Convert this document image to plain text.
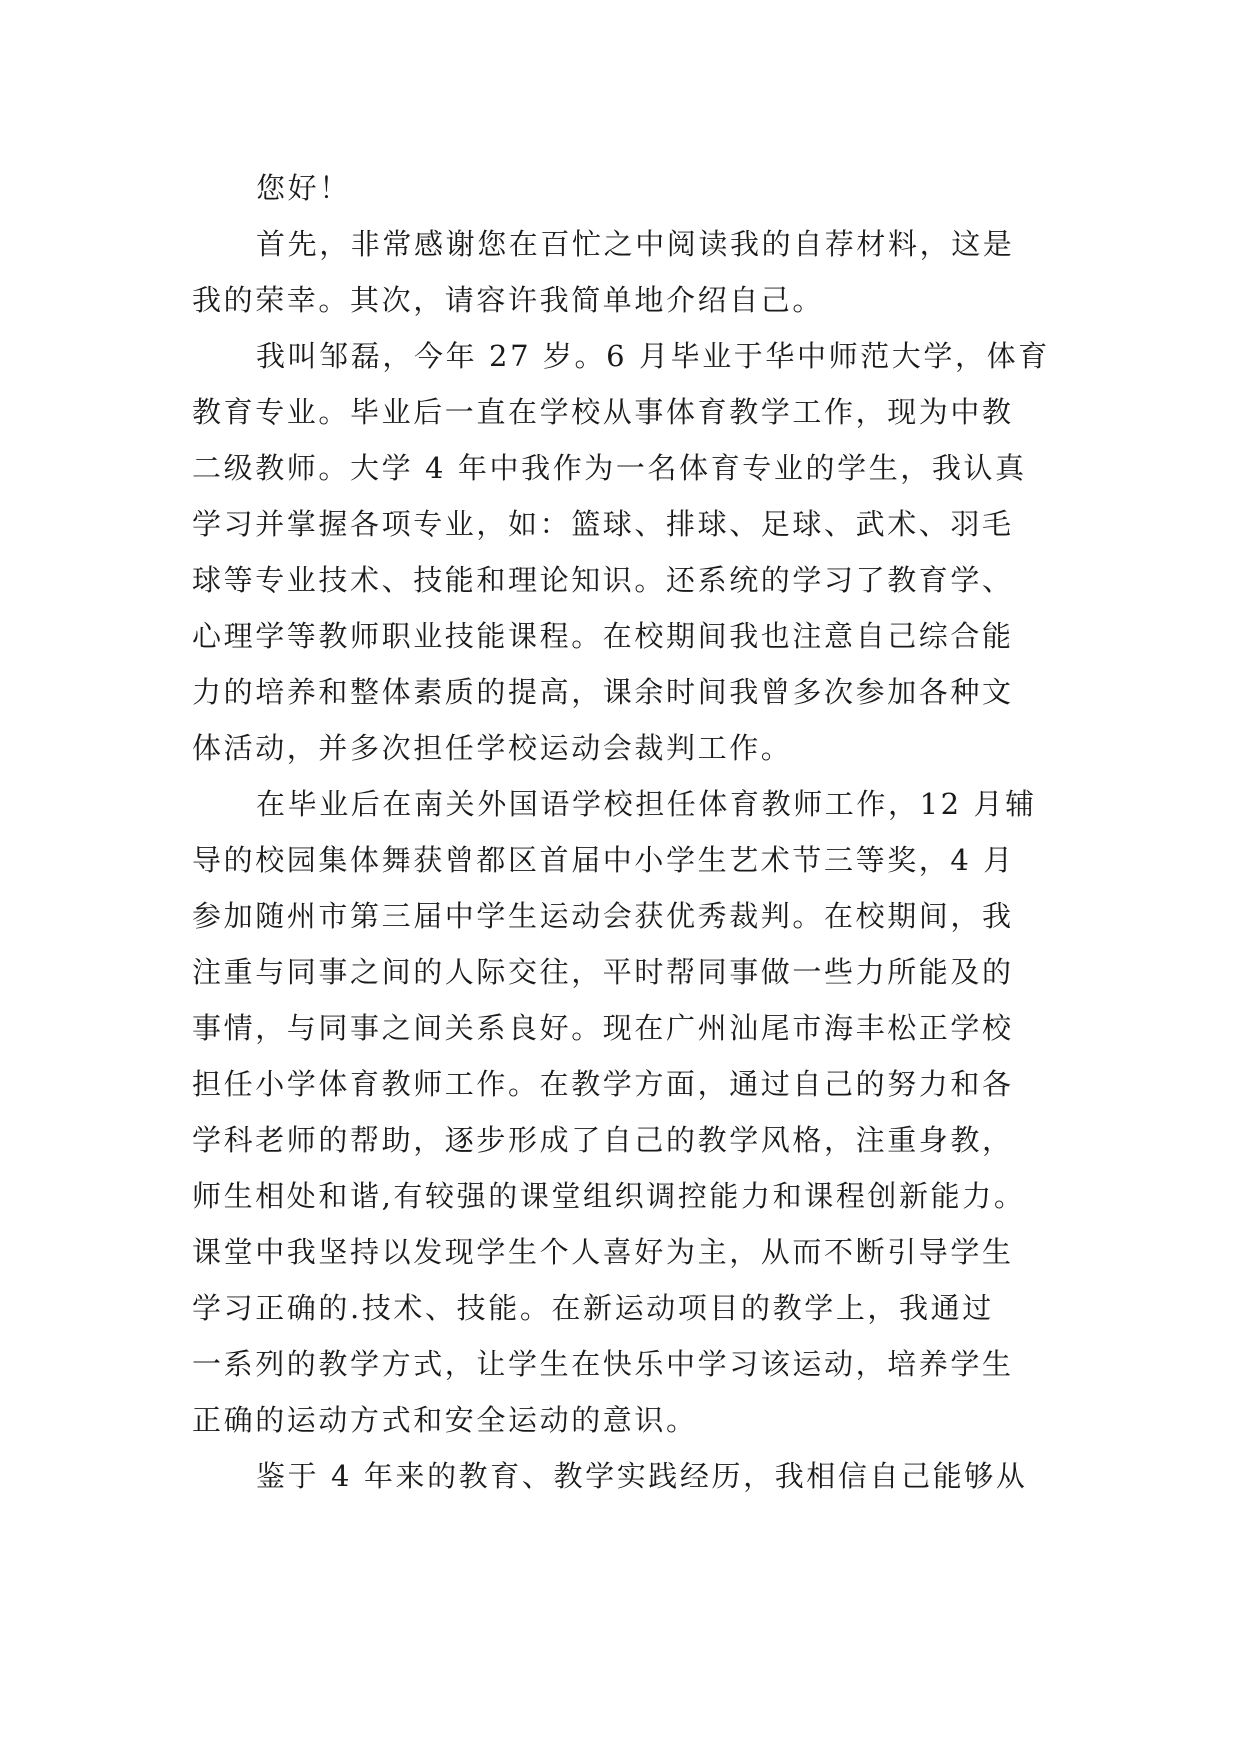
您好！
首先，非常感谢您在百忙之中阅读我的自荐材料，这是
我的荣幸。其次，请容许我简单地介绍自己。
我叫邹磊，今年 27 岁。6 月毕业于华中师范大学，体育
教育专业。毕业后一直在学校从事体育教学工作，现为中教
二级教师。大学 4 年中我作为一名体育专业的学生，我认真
学习并掌握各项专业，如：篮球、排球、足球、武术、羽毛
球等专业技术、技能和理论知识。还系统的学习了教育学、
心理学等教师职业技能课程。在校期间我也注意自己综合能
力的培养和整体素质的提高，课余时间我曾多次参加各种文
体活动，并多次担任学校运动会裁判工作。
在毕业后在南关外国语学校担任体育教师工作，12 月辅
导的校园集体舞获曾都区首届中小学生艺术节三等奖，4 月
参加随州市第三届中学生运动会获优秀裁判。在校期间，我
注重与同事之间的人际交往，平时帮同事做一些力所能及的
事情，与同事之间关系良好。现在广州汕尾市海丰松正学校
担任小学体育教师工作。在教学方面，通过自己的努力和各
学科老师的帮助，逐步形成了自己的教学风格，注重身教，
师生相处和谐,有较强的课堂组织调控能力和课程创新能力。
课堂中我坚持以发现学生个人喜好为主，从而不断引导学生
学习正确的.技术、技能。在新运动项目的教学上，我通过
一系列的教学方式，让学生在快乐中学习该运动，培养学生
正确的运动方式和安全运动的意识。
鉴于 4 年来的教育、教学实践经历，我相信自己能够从
